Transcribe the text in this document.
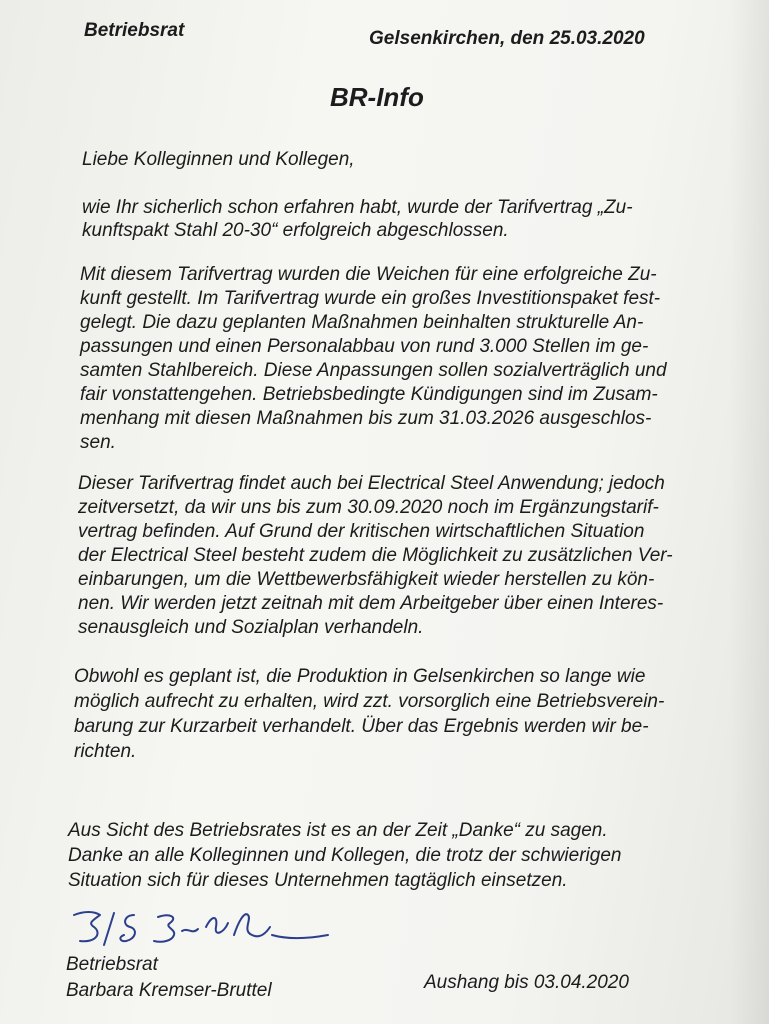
Betriebsrat	Gelsenkirchen, den 25.03.2020
BR-Info
Liebe Kolleginnen und Kollegen,
wie Ihr sicherlich schon erfahren habt, wurde der Tarifvertrag „Zu-
kunftspakt Stahl 20-30“ erfolgreich abgeschlossen.
Mit diesem Tarifvertrag wurden die Weichen für eine erfolgreiche Zu-
kunft gestellt. Im Tarifvertrag wurde ein großes Investitionspaket fest-
gelegt. Die dazu geplanten Maßnahmen beinhalten strukturelle An-
passungen und einen Personalabbau von rund 3.000 Stellen im ge-
samten Stahlbereich. Diese Anpassungen sollen sozialverträglich und
fair vonstattengehen. Betriebsbedingte Kündigungen sind im Zusam-
menhang mit diesen Maßnahmen bis zum 31.03.2026 ausgeschlos-
sen.
Dieser Tarifvertrag findet auch bei Electrical Steel Anwendung; jedoch
zeitversetzt, da wir uns bis zum 30.09.2020 noch im Ergänzungstarif-
vertrag befinden. Auf Grund der kritischen wirtschaftlichen Situation
der Electrical Steel besteht zudem die Möglichkeit zu zusätzlichen Ver-
einbarungen, um die Wettbewerbsfähigkeit wieder herstellen zu kön-
nen. Wir werden jetzt zeitnah mit dem Arbeitgeber über einen Interes-
senausgleich und Sozialplan verhandeln.
Obwohl es geplant ist, die Produktion in Gelsenkirchen so lange wie
möglich aufrecht zu erhalten, wird zzt. vorsorglich eine Betriebsverein-
barung zur Kurzarbeit verhandelt. Über das Ergebnis werden wir be-
richten.
Aus Sicht des Betriebsrates ist es an der Zeit „Danke“ zu sagen.
Danke an alle Kolleginnen und Kollegen, die trotz der schwierigen
Situation sich für dieses Unternehmen tagtäglich einsetzen.
Betriebsrat
Barbara Kremser-Bruttel	Aushang bis 03.04.2020
